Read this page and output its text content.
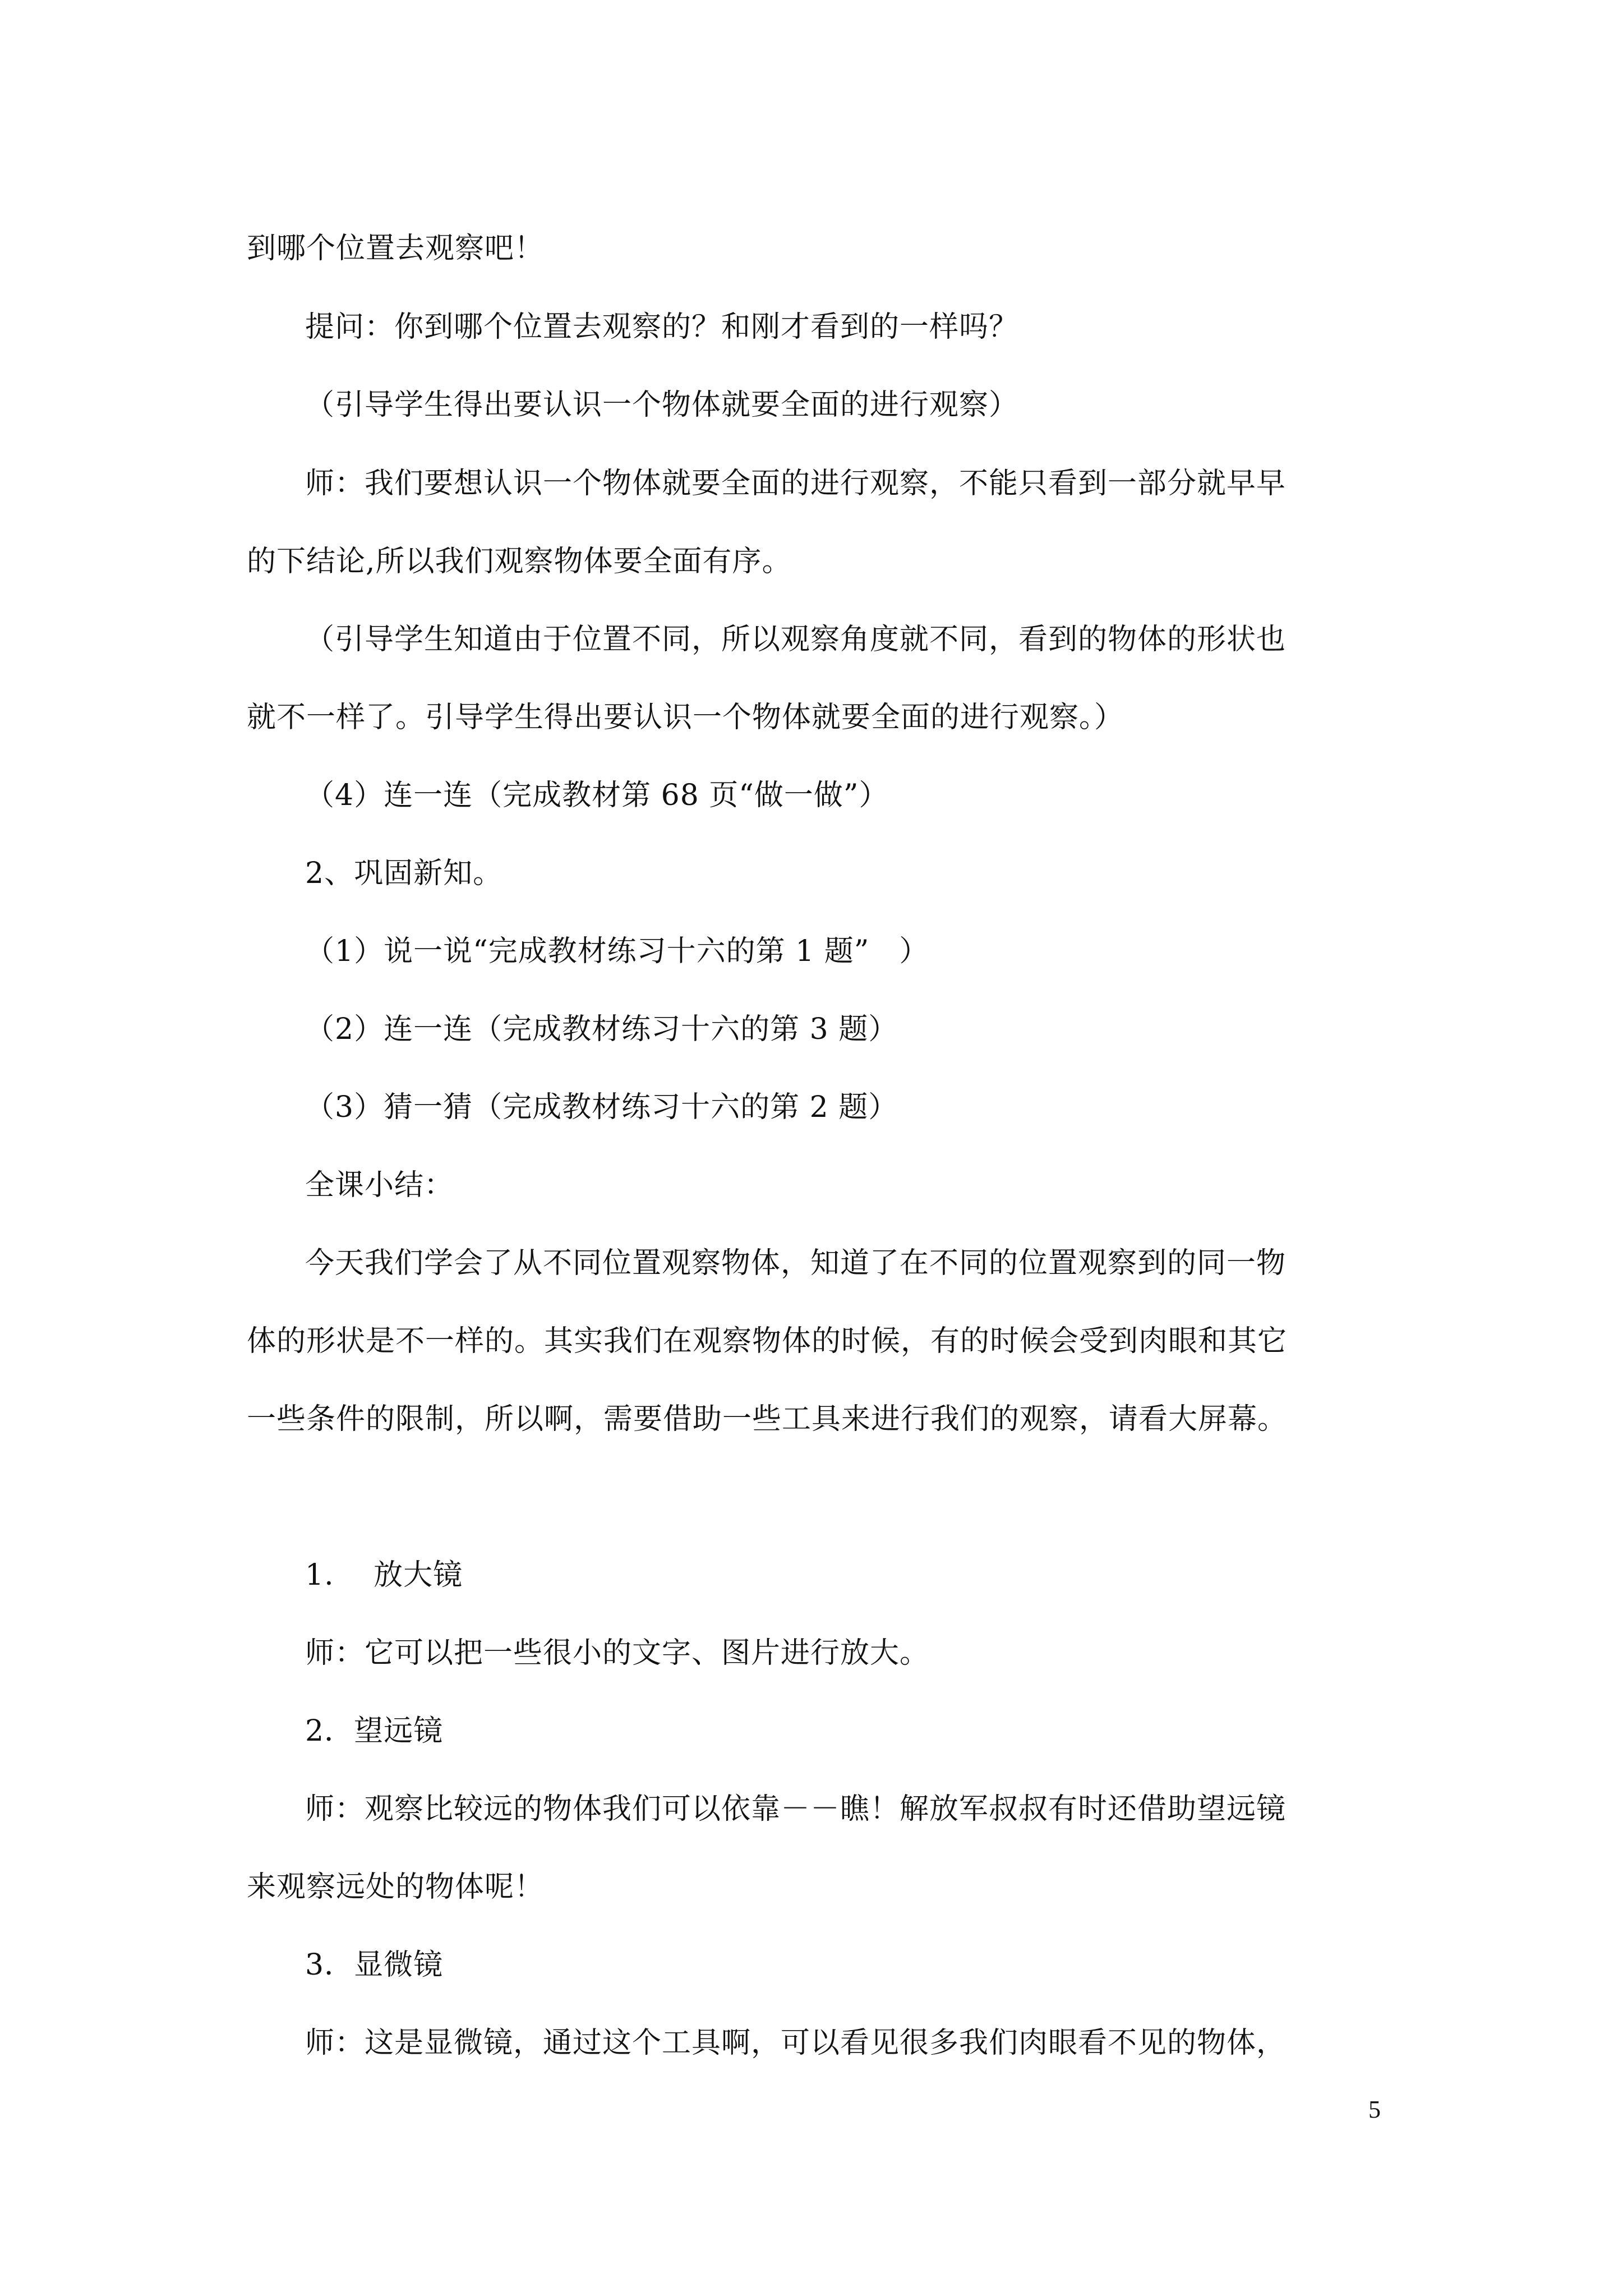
到哪个位置去观察吧！
提问：你到哪个位置去观察的？和刚才看到的一样吗？
（引导学生得出要认识一个物体就要全面的进行观察）
师：我们要想认识一个物体就要全面的进行观察，不能只看到一部分就早早
的下结论,所以我们观察物体要全面有序。
（引导学生知道由于位置不同，所以观察角度就不同，看到的物体的形状也
就不一样了。引导学生得出要认识一个物体就要全面的进行观察。）
（4）连一连（完成教材第 68 页“做一做”）
2、巩固新知。
（1）说一说“完成教材练习十六的第 1 题”　）
（2）连一连（完成教材练习十六的第 3 题）
（3）猜一猜（完成教材练习十六的第 2 题）
全课小结：
今天我们学会了从不同位置观察物体，知道了在不同的位置观察到的同一物
体的形状是不一样的。其实我们在观察物体的时候，有的时候会受到肉眼和其它
一些条件的限制，所以啊，需要借助一些工具来进行我们的观察，请看大屏幕。
1.　 放大镜
师：它可以把一些很小的文字、图片进行放大。
2．望远镜
师：观察比较远的物体我们可以依靠－－瞧！解放军叔叔有时还借助望远镜
来观察远处的物体呢！
3．显微镜
师：这是显微镜，通过这个工具啊，可以看见很多我们肉眼看不见的物体，
5
